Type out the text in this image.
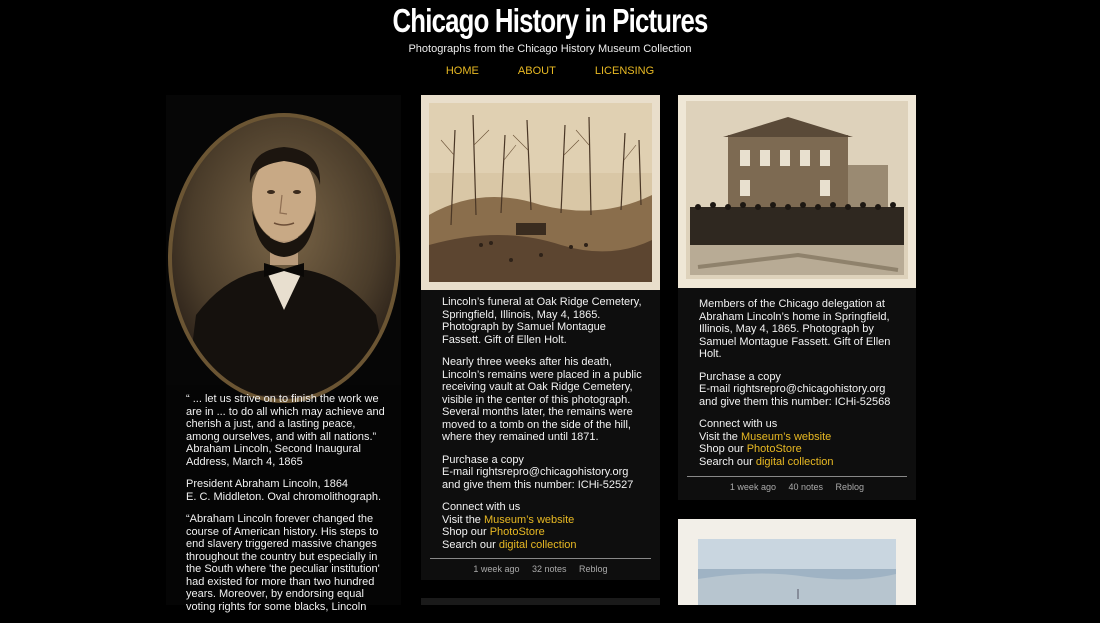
Chicago History in Pictures
Photographs from the Chicago History Museum Collection
HOME	ABOUT	LICENSING

“ ... let us strive on to finish the work we are in ... to do all which may achieve and cherish a just, and a lasting peace, among ourselves, and with all nations.” Abraham Lincoln, Second Inaugural Address, March 4, 1865

President Abraham Lincoln, 1864
E. C. Middleton. Oval chromolithograph.

“Abraham Lincoln forever changed the course of American history. His steps to end slavery triggered massive changes throughout the country but especially in the South where 'the peculiar institution' had existed for more than two hundred years. Moreover, by endorsing equal voting rights for some blacks, Lincoln

Lincoln’s funeral at Oak Ridge Cemetery, Springfield, Illinois, May 4, 1865. Photograph by Samuel Montague Fassett. Gift of Ellen Holt.

Nearly three weeks after his death, Lincoln’s remains were placed in a public receiving vault at Oak Ridge Cemetery, visible in the center of this photograph. Several months later, the remains were moved to a tomb on the side of the hill, where they remained until 1871.

Purchase a copy
E-mail rightsrepro@chicagohistory.org and give them this number: ICHi-52527

Connect with us
Visit the Museum’s website
Shop our PhotoStore
Search our digital collection

1 week ago 32 notes Reblog

Members of the Chicago delegation at Abraham Lincoln’s home in Springfield, Illinois, May 4, 1865. Photograph by Samuel Montague Fassett. Gift of Ellen Holt.

Purchase a copy
E-mail rightsrepro@chicagohistory.org and give them this number: ICHi-52568

Connect with us
Visit the Museum’s website
Shop our PhotoStore
Search our digital collection

1 week ago 40 notes Reblog
